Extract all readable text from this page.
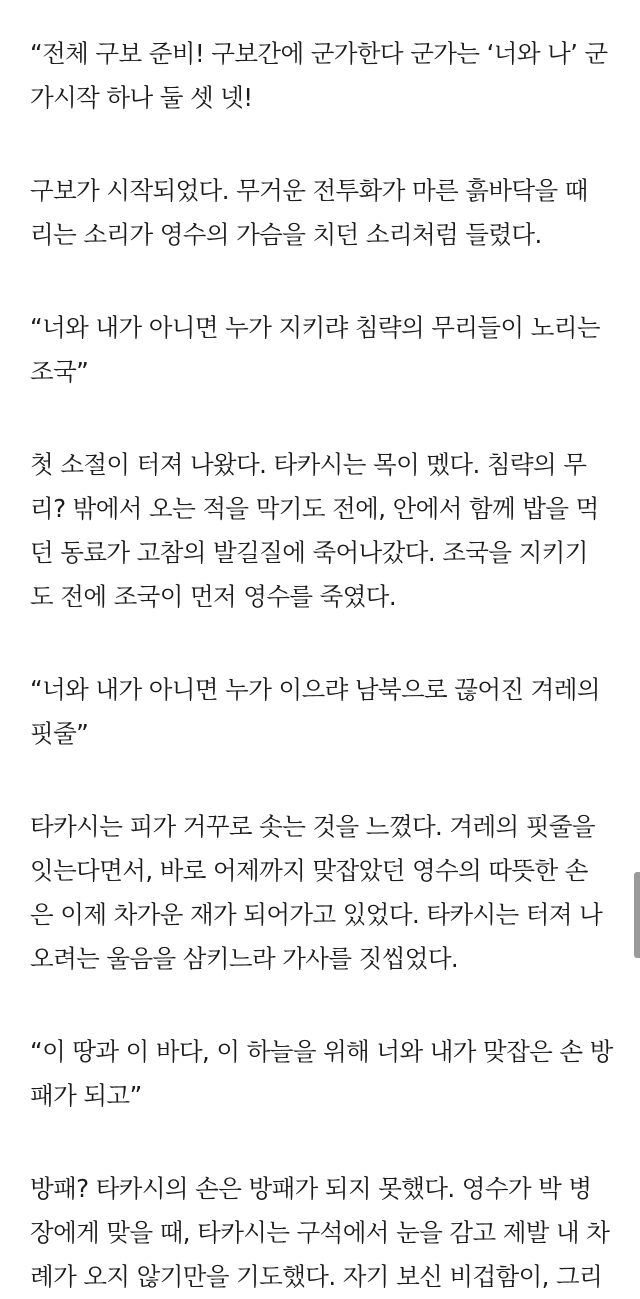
“전체 구보 준비! 구보간에 군가한다 군가는 ‘너와 나’ 군
가시작 하나 둘 셋 넷!

구보가 시작되었다. 무거운 전투화가 마른 흙바닥을 때
리는 소리가 영수의 가슴을 치던 소리처럼 들렸다.

“너와 내가 아니면 누가 지키랴 침략의 무리들이 노리는
조국”

첫 소절이 터져 나왔다. 타카시는 목이 멨다. 침략의 무
리? 밖에서 오는 적을 막기도 전에, 안에서 함께 밥을 먹
던 동료가 고참의 발길질에 죽어나갔다. 조국을 지키기
도 전에 조국이 먼저 영수를 죽였다.

“너와 내가 아니면 누가 이으랴 남북으로 끊어진 겨레의
핏줄”

타카시는 피가 거꾸로 솟는 것을 느꼈다. 겨레의 핏줄을
잇는다면서, 바로 어제까지 맞잡았던 영수의 따뜻한 손
은 이제 차가운 재가 되어가고 있었다. 타카시는 터져 나
오려는 울음을 삼키느라 가사를 짓씹었다.

“이 땅과 이 바다, 이 하늘을 위해 너와 내가 맞잡은 손 방
패가 되고”

방패? 타카시의 손은 방패가 되지 못했다. 영수가 박 병
장에게 맞을 때, 타카시는 구석에서 눈을 감고 제발 내 차
례가 오지 않기만을 기도했다. 자기 보신 비겁함이, 그리
